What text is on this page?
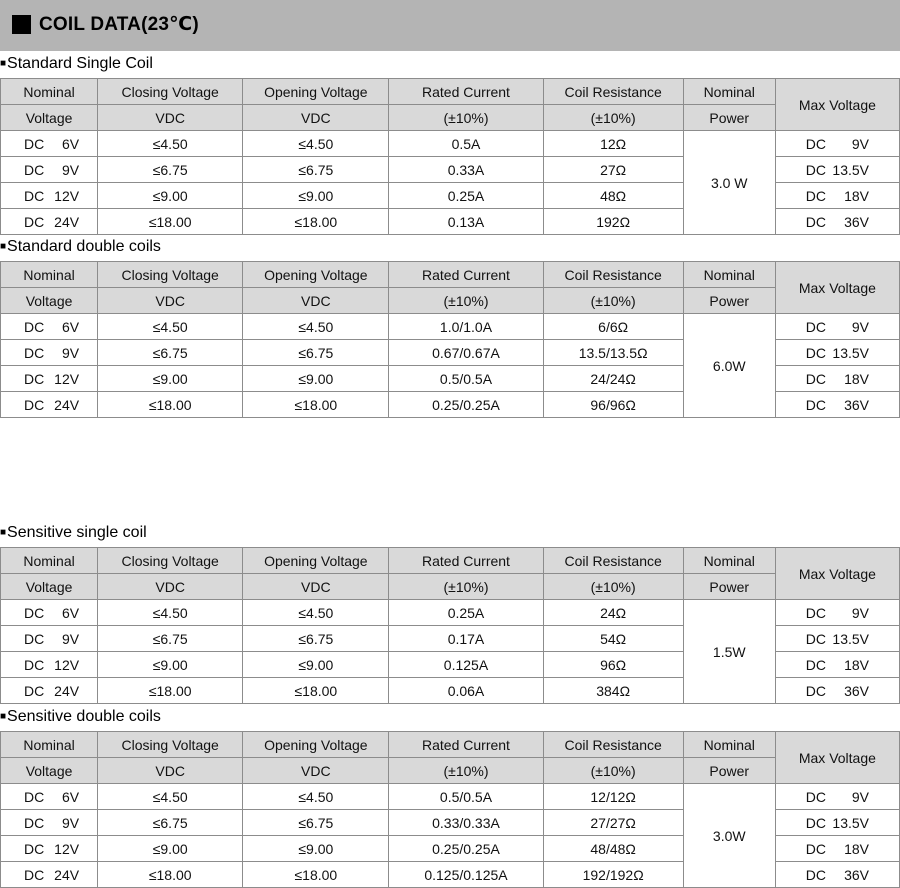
COIL DATA(23℃)
■Standard Single Coil
Nominal	Closing Voltage	Opening Voltage	Rated Current	Coil Resistance	Nominal	Max Voltage
Voltage	VDC	VDC	(±10%)	(±10%)	Power	

DC 6V	≤4.50	≤4.50	0.5A	12Ω	3.0 W	DC 9V

DC 9V	≤6.75	≤6.75	0.33A	27Ω		DC 13.5V

DC 12V	≤9.00	≤9.00	0.25A	48Ω		DC 18V

DC 24V	≤18.00	≤18.00	0.13A	192Ω		DC 36V
■Standard double coils
Nominal	Closing Voltage	Opening Voltage	Rated Current	Coil Resistance	Nominal	Max Voltage
Voltage	VDC	VDC	(±10%)	(±10%)	Power	

DC 6V	≤4.50	≤4.50	1.0/1.0A	6/6Ω	6.0W	DC 9V

DC 9V	≤6.75	≤6.75	0.67/0.67A	13.5/13.5Ω		DC 13.5V

DC 12V	≤9.00	≤9.00	0.5/0.5A	24/24Ω		DC 18V

DC 24V	≤18.00	≤18.00	0.25/0.25A	96/96Ω		DC 36V
■Sensitive single coil
Nominal	Closing Voltage	Opening Voltage	Rated Current	Coil Resistance	Nominal	Max Voltage
Voltage	VDC	VDC	(±10%)	(±10%)	Power	

DC 6V	≤4.50	≤4.50	0.25A	24Ω	1.5W	DC 9V

DC 9V	≤6.75	≤6.75	0.17A	54Ω		DC 13.5V

DC 12V	≤9.00	≤9.00	0.125A	96Ω		DC 18V

DC 24V	≤18.00	≤18.00	0.06A	384Ω		DC 36V
■Sensitive double coils
Nominal	Closing Voltage	Opening Voltage	Rated Current	Coil Resistance	Nominal	Max Voltage
Voltage	VDC	VDC	(±10%)	(±10%)	Power	

DC 6V	≤4.50	≤4.50	0.5/0.5A	12/12Ω	3.0W	DC 9V

DC 9V	≤6.75	≤6.75	0.33/0.33A	27/27Ω		DC 13.5V

DC 12V	≤9.00	≤9.00	0.25/0.25A	48/48Ω		DC 18V

DC 24V	≤18.00	≤18.00	0.125/0.125A	192/192Ω		DC 36V
